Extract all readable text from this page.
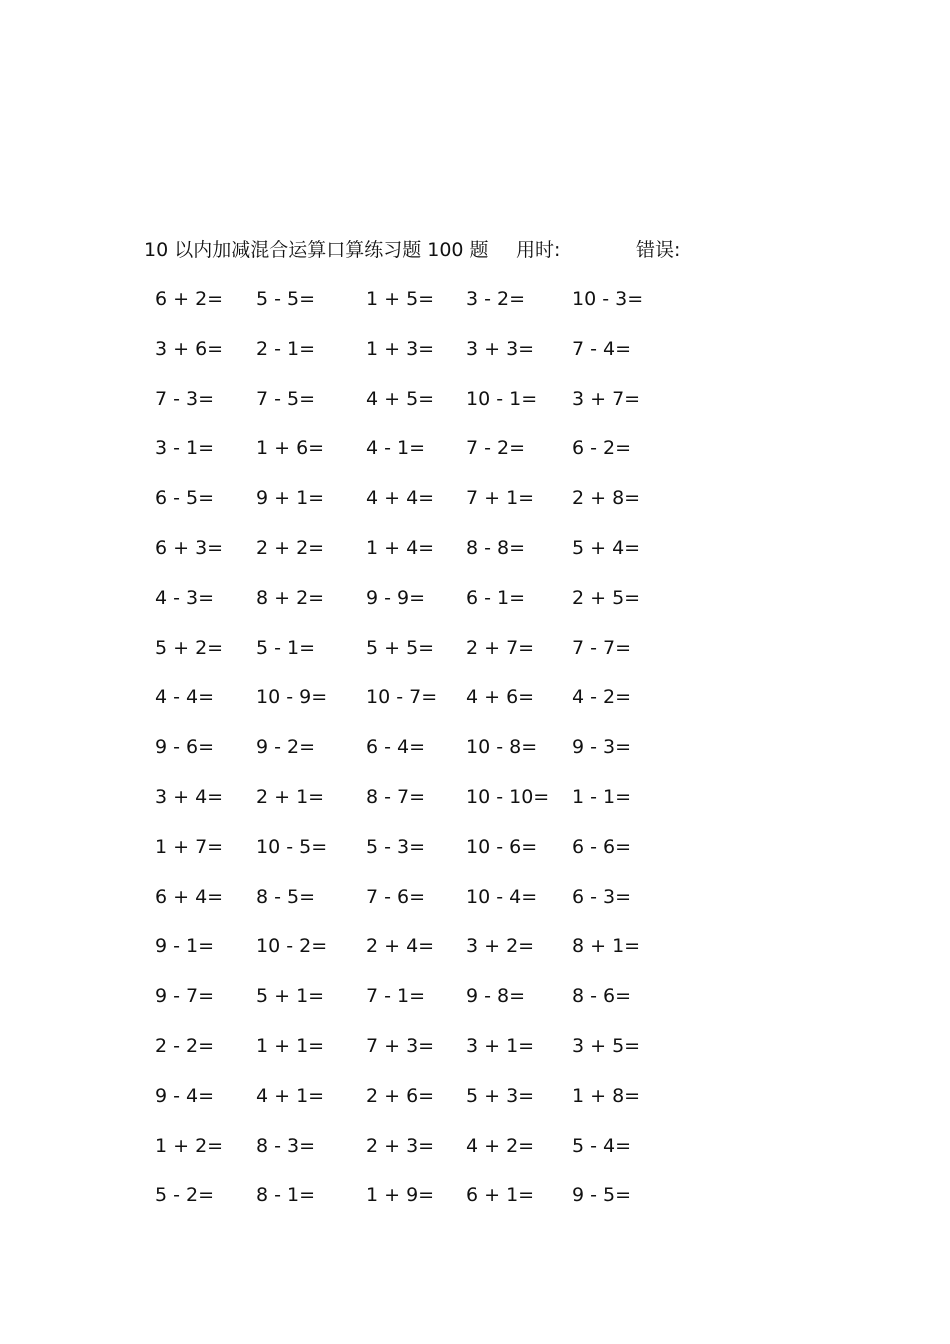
10 以内加减混合运算口算练习题 100 题 用时:	错误:
6 + 2= 5 - 5=	1 + 5= 3 - 2= 10 - 3=
3 + 6= 2 - 1=	1 + 3= 3 + 3= 7 - 4=
7 - 3= 7 - 5=	4 + 5= 10 - 1= 3 + 7=
3 - 1= 1 + 6= 4 - 1= 7 - 2= 6 - 2=
6 - 5= 9 + 1= 4 + 4= 7 + 1= 2 + 8=
6 + 3= 2 + 2= 1 + 4= 8 - 8= 5 + 4=
4 - 3= 8 + 2= 9 - 9= 6 - 1= 2 + 5=
5 + 2= 5 - 1=	5 + 5= 2 + 7= 7 - 7=
4 - 4= 10 - 9= 10 - 7= 4 + 6= 4 - 2=
9 - 6= 9 - 2=	6 - 4= 10 - 8= 9 - 3=
3 + 4= 2 + 1= 8 - 7= 10 - 10= 1 - 1=
1 + 7= 10 - 5= 5 - 3= 10 - 6= 6 - 6=
6 + 4= 8 - 5=	7 - 6= 10 - 4= 6 - 3=
9 - 1= 10 - 2= 2 + 4= 3 + 2= 8 + 1=
9 - 7= 5 + 1= 7 - 1= 9 - 8= 8 - 6=
2 - 2= 1 + 1= 7 + 3= 3 + 1= 3 + 5=
9 - 4= 4 + 1= 2 + 6= 5 + 3= 1 + 8=
1 + 2= 8 - 3=	2 + 3= 4 + 2= 5 - 4=
5 - 2= 8 - 1=	1 + 9= 6 + 1= 9 - 5=
